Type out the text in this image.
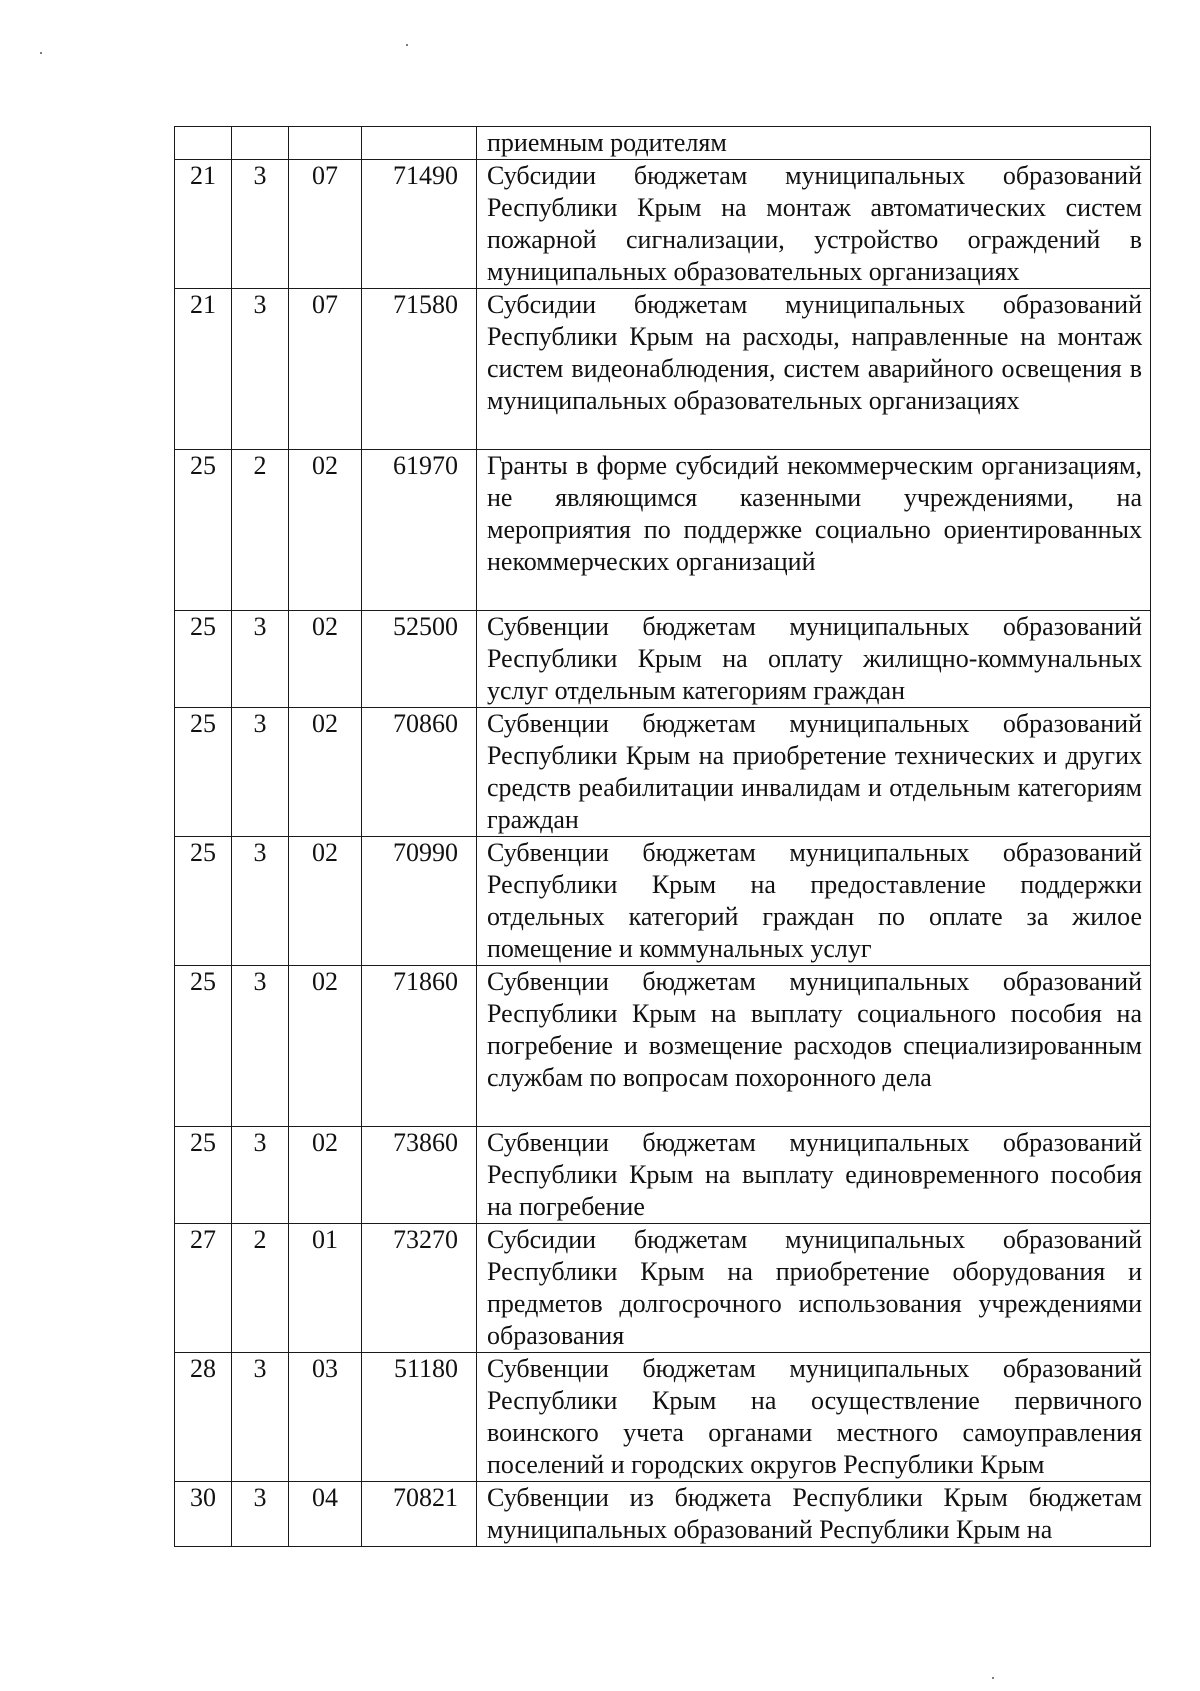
				приемным родителям
21	3	07	71490	Субсидии бюджетам муниципальных образований Республики Крым на монтаж автоматических систем пожарной сигнализации, устройство ограждений в муниципальных образовательных организациях
21	3	07	71580	Субсидии бюджетам муниципальных образований Республики Крым на расходы, направленные на монтаж систем видеонаблюдения, систем аварийного освещения в муниципальных образовательных организациях
25	2	02	61970	Гранты в форме субсидий некоммерческим организациям, не являющимся казенными учреждениями, на мероприятия по поддержке социально ориентированных некоммерческих организаций
25	3	02	52500	Субвенции бюджетам муниципальных образований Республики Крым на оплату жилищно-коммунальных услуг отдельным категориям граждан
25	3	02	70860	Субвенции бюджетам муниципальных образований Республики Крым на приобретение технических и других средств реабилитации инвалидам и отдельным категориям граждан
25	3	02	70990	Субвенции бюджетам муниципальных образований Республики Крым на предоставление поддержки отдельных категорий граждан по оплате за жилое помещение и коммунальных услуг
25	3	02	71860	Субвенции бюджетам муниципальных образований Республики Крым на выплату социального пособия на погребение и возмещение расходов специализированным службам по вопросам похоронного дела
25	3	02	73860	Субвенции бюджетам муниципальных образований Республики Крым на выплату единовременного пособия на погребение
27	2	01	73270	Субсидии бюджетам муниципальных образований Республики Крым на приобретение оборудования и предметов долгосрочного использования учреждениями образования
28	3	03	51180	Субвенции бюджетам муниципальных образований Республики Крым на осуществление первичного воинского учета органами местного самоуправления поселений и городских округов Республики Крым
30	3	04	70821	Субвенции из бюджета Республики Крым бюджетам муниципальных образований Республики Крым на
